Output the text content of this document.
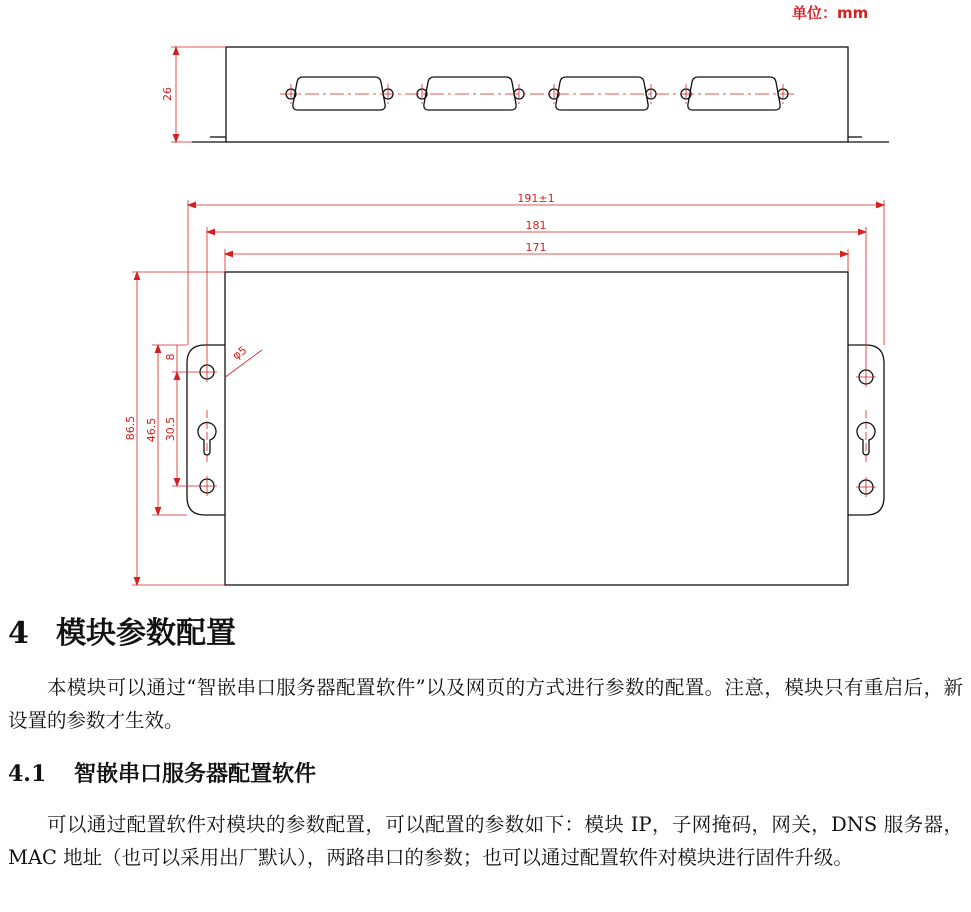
单位：mm
26
191±1
181
171
86.5 46.5 30.5
8	φ5
4 模块参数配置

本模块可以通过“智嵌串口服务器配置软件”以及网页的方式进行参数的配置。注意，模块只有重启后，新设置的参数才生效。

4.1 智嵌串口服务器配置软件

可以通过配置软件对模块的参数配置，可以配置的参数如下：模块 IP，子网掩码，网关，DNS 服务器，MAC 地址（也可以采用出厂默认），两路串口的参数；也可以通过配置软件对模块进行固件升级。
